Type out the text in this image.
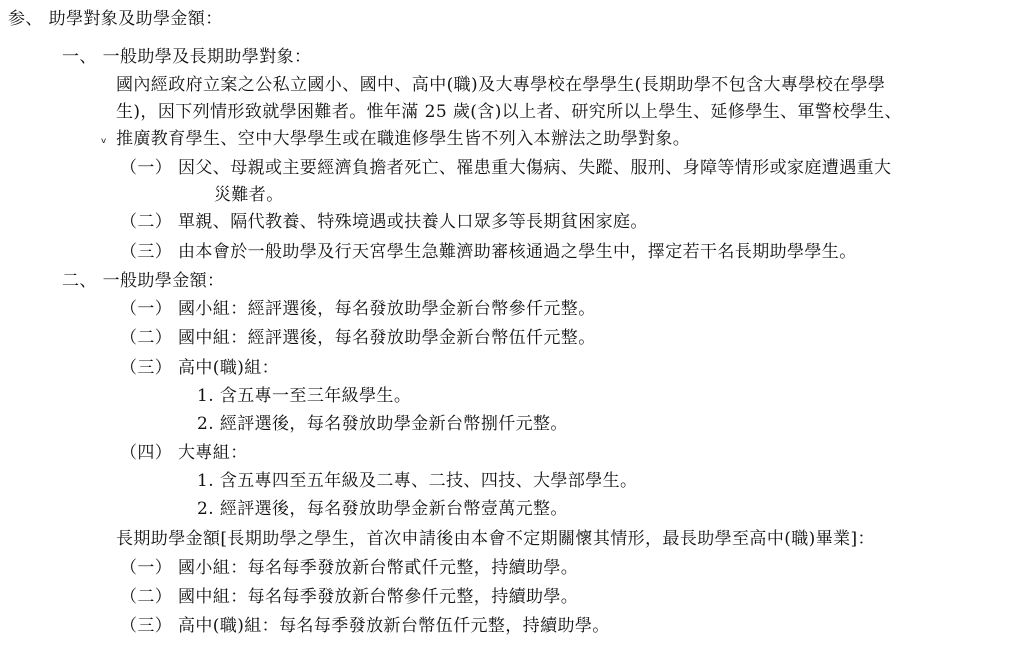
参、 助學對象及助學金額：
一、 一般助學及長期助學對象：
國內經政府立案之公私立國小、國中、高中(職)及大專學校在學學生(長期助學不包含大專學校在學學
生)，因下列情形致就學困難者。惟年滿 25 歲(含)以上者、研究所以上學生、延修學生、軍警校學生、
ᵥ 推廣教育學生、空中大學學生或在職進修學生皆不列入本辦法之助學對象。
（一） 因父、母親或主要經濟負擔者死亡、罹患重大傷病、失蹤、服刑、身障等情形或家庭遭遇重大
災難者。
（二） 單親、隔代教養、特殊境遇或扶養人口眾多等長期貧困家庭。
（三） 由本會於一般助學及行天宮學生急難濟助審核通過之學生中，擇定若干名長期助學學生。
二、 一般助學金額：
（一） 國小組：經評選後，每名發放助學金新台幣參仟元整。
（二） 國中組：經評選後，每名發放助學金新台幣伍仟元整。
（三） 高中(職)組：
1. 含五專一至三年級學生。
2. 經評選後，每名發放助學金新台幣捌仟元整。
（四） 大專組：
1. 含五專四至五年級及二專、二技、四技、大學部學生。
2. 經評選後，每名發放助學金新台幣壹萬元整。
長期助學金額[長期助學之學生，首次申請後由本會不定期關懷其情形，最長助學至高中(職)畢業]：
（一） 國小組：每名每季發放新台幣貳仟元整，持續助學。
（二） 國中組：每名每季發放新台幣參仟元整，持續助學。
（三） 高中(職)組：每名每季發放新台幣伍仟元整，持續助學。
